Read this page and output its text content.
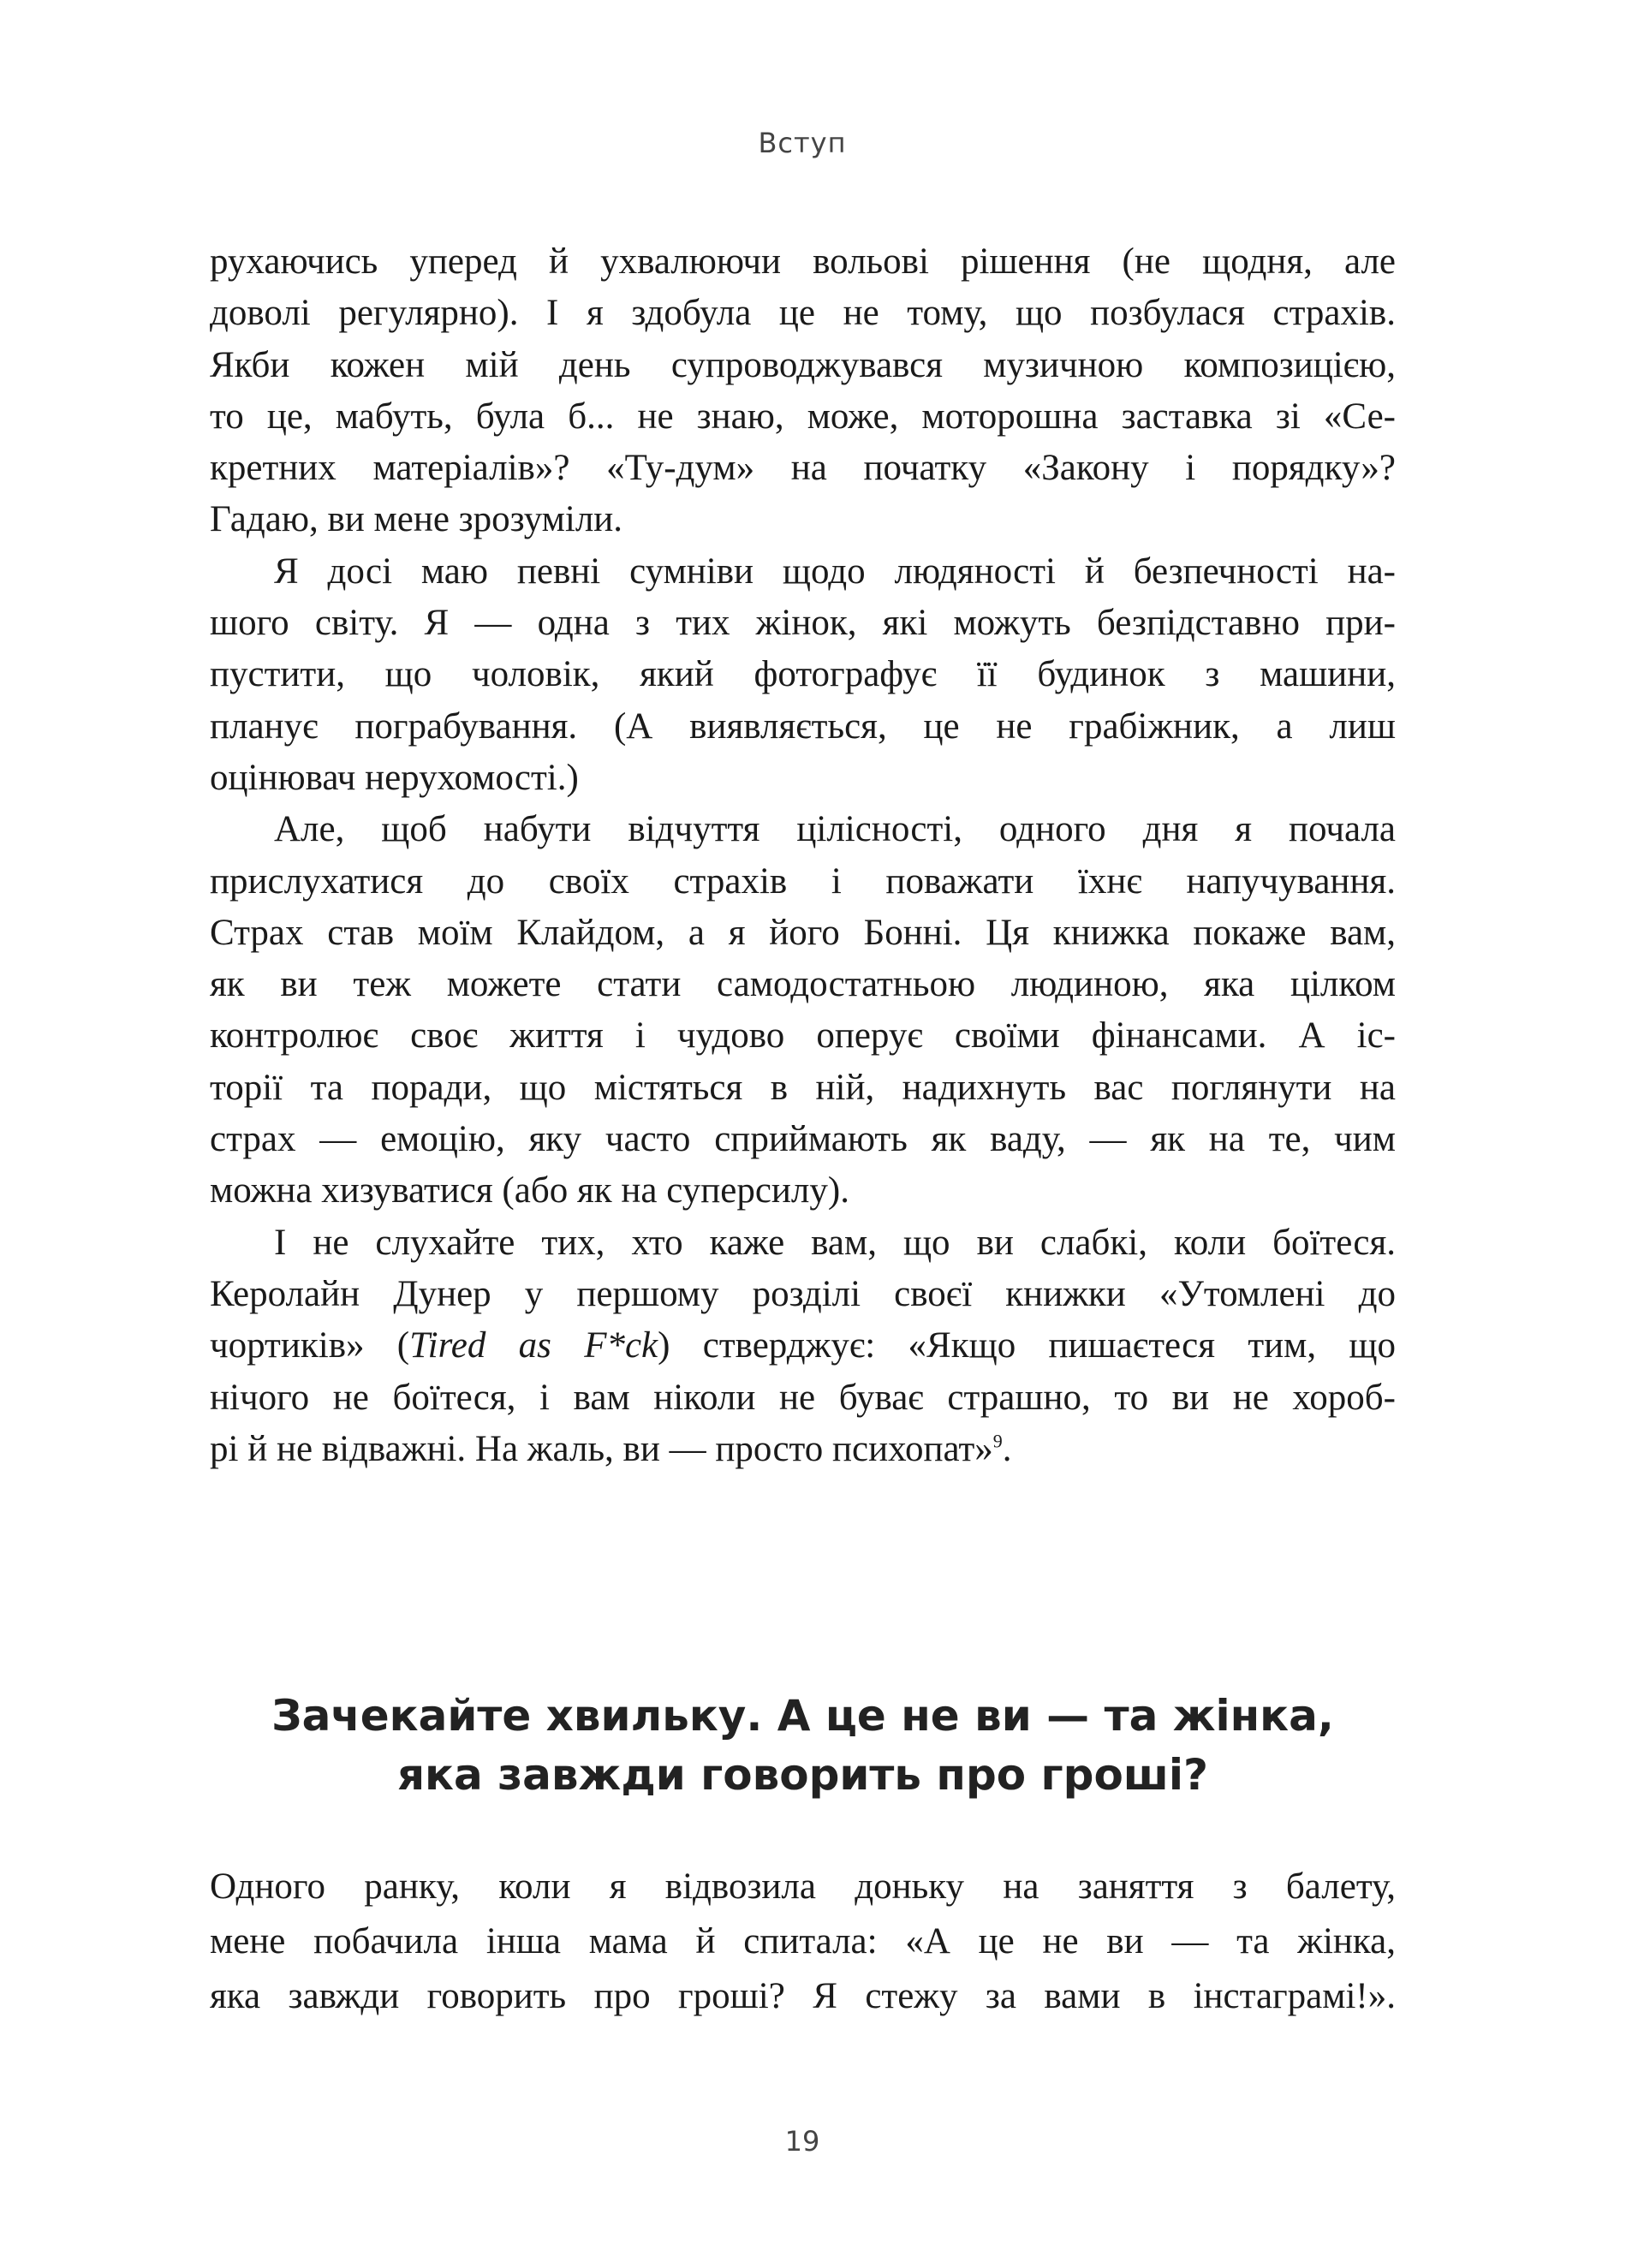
Вступ
рухаючись уперед й ухвалюючи вольові рішення (не щодня, але
доволі регулярно). І я здобула це не тому, що позбулася страхів.
Якби кожен мій день супроводжувався музичною композицією,
то це, мабуть, була б... не знаю, може, моторошна заставка зі «Се-
кретних матеріалів»? «Ту-дум» на початку «Закону і порядку»?
Гадаю, ви мене зрозуміли.
Я досі маю певні сумніви щодо людяності й безпечності на-
шого світу. Я — одна з тих жінок, які можуть безпідставно при-
пустити, що чоловік, який фотографує її будинок з машини,
планує пограбування. (А виявляється, це не грабіжник, а лиш
оцінювач нерухомості.)
Але, щоб набути відчуття цілісності, одного дня я почала
прислухатися до своїх страхів і поважати їхнє напучування.
Страх став моїм Клайдом, а я його Бонні. Ця книжка покаже вам,
як ви теж можете стати самодостатньою людиною, яка цілком
контролює своє життя і чудово оперує своїми фінансами. А іс-
торії та поради, що містяться в ній, надихнуть вас поглянути на
страх — емоцію, яку часто сприймають як ваду, — як на те, чим
можна хизуватися (або як на суперсилу).
І не слухайте тих, хто каже вам, що ви слабкі, коли боїтеся.
Керолайн Дунер у першому розділі своєї книжки «Утомлені до
чортиків» (Tired as F*ck) стверджує: «Якщо пишаєтеся тим, що
нічого не боїтеся, і вам ніколи не буває страшно, то ви не хороб-
рі й не відважні. На жаль, ви — просто психопат»$^9$.
Зачекайте хвильку. А це не ви — та жінка,
яка завжди говорить про гроші?
Одного ранку, коли я відвозила доньку на заняття з балету,
мене побачила інша мама й спитала: «А це не ви — та жінка,
яка завжди говорить про гроші? Я стежу за вами в інстаграмі!».
19
